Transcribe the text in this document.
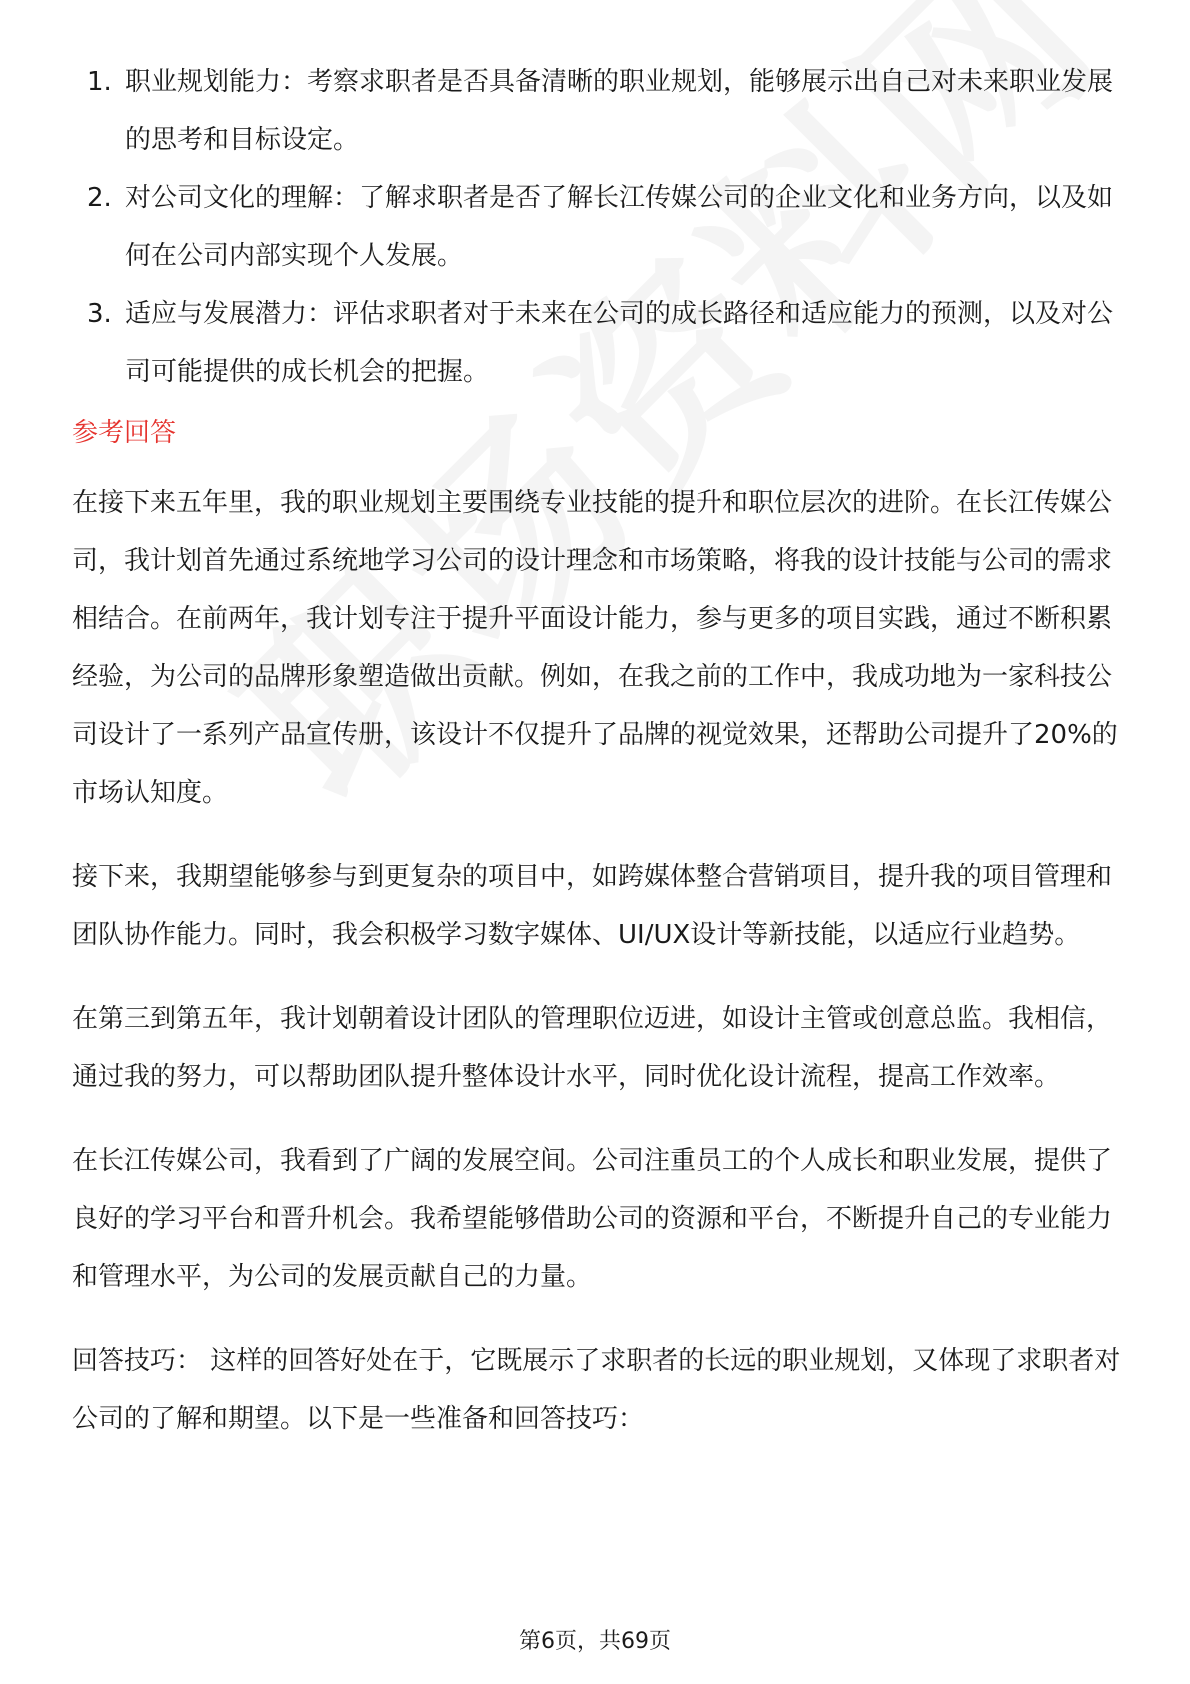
1. 职业规划能力：考察求职者是否具备清晰的职业规划，能够展示出自己对未来职业发展的思考和目标设定。
2. 对公司文化的理解：了解求职者是否了解长江传媒公司的企业文化和业务方向，以及如何在公司内部实现个人发展。
3. 适应与发展潜力：评估求职者对于未来在公司的成长路径和适应能力的预测，以及对公司可能提供的成长机会的把握。
参考回答

在接下来五年里，我的职业规划主要围绕专业技能的提升和职位层次的进阶。在长江传媒公司，我计划首先通过系统地学习公司的设计理念和市场策略，将我的设计技能与公司的需求相结合。在前两年，我计划专注于提升平面设计能力，参与更多的项目实践，通过不断积累经验，为公司的品牌形象塑造做出贡献。例如，在我之前的工作中，我成功地为一家科技公司设计了一系列产品宣传册，该设计不仅提升了品牌的视觉效果，还帮助公司提升了20%的市场认知度。

接下来，我期望能够参与到更复杂的项目中，如跨媒体整合营销项目，提升我的项目管理和团队协作能力。同时，我会积极学习数字媒体、UI/UX设计等新技能，以适应行业趋势。

在第三到第五年，我计划朝着设计团队的管理职位迈进，如设计主管或创意总监。我相信，通过我的努力，可以帮助团队提升整体设计水平，同时优化设计流程，提高工作效率。

在长江传媒公司，我看到了广阔的发展空间。公司注重员工的个人成长和职业发展，提供了良好的学习平台和晋升机会。我希望能够借助公司的资源和平台，不断提升自己的专业能力和管理水平，为公司的发展贡献自己的力量。

回答技巧： 这样的回答好处在于，它既展示了求职者的长远的职业规划，又体现了求职者对公司的了解和期望。以下是一些准备和回答技巧：

第6页，共69页
